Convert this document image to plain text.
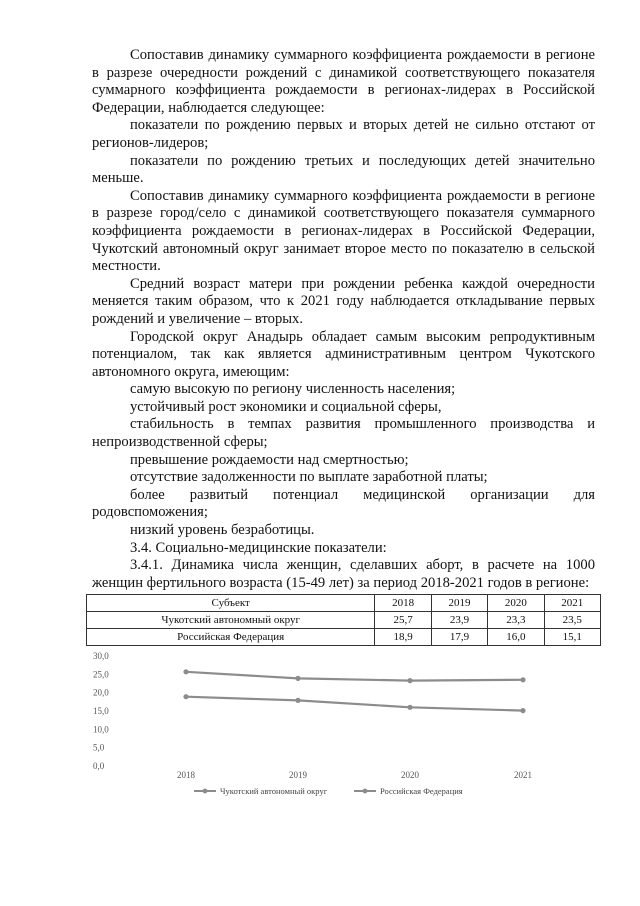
Сопоставив динамику суммарного коэффициента рождаемости в регионе в разрезе очередности рождений с динамикой соответствующего показателя суммарного коэффициента рождаемости в регионах-лидерах в Российской Федерации, наблюдается следующее:

показатели по рождению первых и вторых детей не сильно отстают от регионов-лидеров;

показатели по рождению третьих и последующих детей значительно меньше.

Сопоставив динамику суммарного коэффициента рождаемости в регионе в разрезе город/село с динамикой соответствующего показателя суммарного коэффициента рождаемости в регионах-лидерах в Российской Федерации, Чукотский автономный округ занимает второе место по показателю в сельской местности.

Средний возраст матери при рождении ребенка каждой очередности меняется таким образом, что к 2021 году наблюдается откладывание первых рождений и увеличение – вторых.

Городской округ Анадырь обладает самым высоким репродуктивным потенциалом, так как является административным центром Чукотского автономного округа, имеющим:

самую высокую по региону численность населения;

устойчивый рост экономики и социальной сферы,

стабильность в темпах развития промышленного производства и непроизводственной сферы;

превышение рождаемости над смертностью;

отсутствие задолженности по выплате заработной платы;

более развитый потенциал медицинской организации для родовспоможения;

низкий уровень безработицы.

3.4. Социально-медицинские показатели:

3.4.1. Динамика числа женщин, сделавших аборт, в расчете на 1000 женщин фертильного возраста (15-49 лет) за период 2018-2021 годов в регионе:

Субъект	2018	2019	2020	2021
Чукотский автономный округ	25,7	23,9	23,3	23,5
Российская Федерация	18,9	17,9	16,0	15,1
0,0
5,0
10,0
15,0
20,0
25,0
30,0
2018	2019	2020	2021
Чукотский автономный округ	Российская Федерация
